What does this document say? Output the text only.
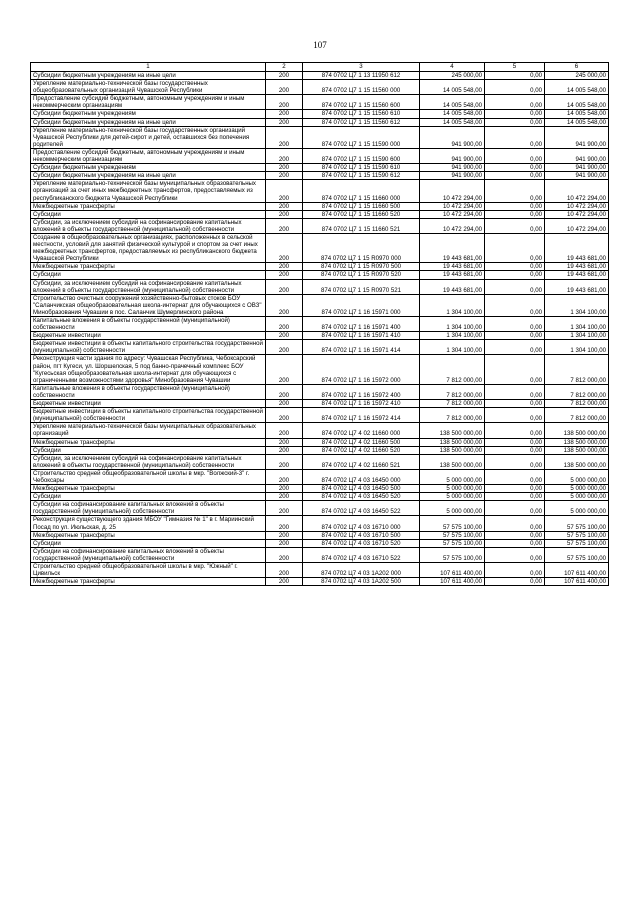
107
1	2	3	4	5	6
Субсидии бюджетным учреждениям на иные цели	200	874 0702 Ц7 1 13 11950 612	245 000,00	0,00	245 000,00
Укрепление материально-технической базы государственных общеобразовательных организаций Чувашской Республики	200	874 0702 Ц7 1 15 11560 000	14 005 548,00	0,00	14 005 548,00
Предоставление субсидий бюджетным, автономным учреждениям и иным некоммерческим организациям	200	874 0702 Ц7 1 15 11560 600	14 005 548,00	0,00	14 005 548,00
Субсидии бюджетным учреждениям	200	874 0702 Ц7 1 15 11560 610	14 005 548,00	0,00	14 005 548,00
Субсидии бюджетным учреждениям на иные цели	200	874 0702 Ц7 1 15 11560 612	14 005 548,00	0,00	14 005 548,00
Укрепление материально-технической базы государственных организаций Чувашской Республики для детей-сирот и детей, оставшихся без попечения родителей	200	874 0702 Ц7 1 15 11590 000	941 900,00	0,00	941 900,00
Предоставление субсидий бюджетным, автономным учреждениям и иным некоммерческим организациям	200	874 0702 Ц7 1 15 11590 600	941 900,00	0,00	941 900,00
Субсидии бюджетным учреждениям	200	874 0702 Ц7 1 15 11590 610	941 900,00	0,00	941 900,00
Субсидии бюджетным учреждениям на иные цели	200	874 0702 Ц7 1 15 11590 612	941 900,00	0,00	941 900,00
Укрепление материально-технической базы муниципальных образовательных организаций за счет иных межбюджетных трансфертов, предоставляемых из республиканского бюджета Чувашской Республики	200	874 0702 Ц7 1 15 11660 000	10 472 294,00	0,00	10 472 294,00
Межбюджетные трансферты	200	874 0702 Ц7 1 15 11660 500	10 472 294,00	0,00	10 472 294,00
Субсидии	200	874 0702 Ц7 1 15 11660 520	10 472 294,00	0,00	10 472 294,00
Субсидии, за исключением субсидий на софинансирование капитальных вложений в объекты государственной (муниципальной) собственности	200	874 0702 Ц7 1 15 11660 521	10 472 294,00	0,00	10 472 294,00
Создание в общеобразовательных организациях, расположенных в сельской местности, условий для занятий физической культурой и спортом за счет иных межбюджетных трансфертов, предоставляемых из республиканского бюджета Чувашской Республики	200	874 0702 Ц7 1 15 R0970 000	19 443 681,00	0,00	19 443 681,00
Межбюджетные трансферты	200	874 0702 Ц7 1 15 R0970 500	19 443 681,00	0,00	19 443 681,00
Субсидии	200	874 0702 Ц7 1 15 R0970 520	19 443 681,00	0,00	19 443 681,00
Субсидии, за исключением субсидий на софинансирование капитальных вложений в объекты государственной (муниципальной) собственности	200	874 0702 Ц7 1 15 R0970 521	19 443 681,00	0,00	19 443 681,00
Строительство очистных сооружений хозяйственно-бытовых стоков БОУ "Саланчикская общеобразовательная школа-интернат для обучающихся с ОВЗ" Минобразования Чувашии в пос. Саланчик Шумерлинского района	200	874 0702 Ц7 1 16 15971 000	1 304 100,00	0,00	1 304 100,00
Капитальные вложения в объекты государственной (муниципальной) собственности	200	874 0702 Ц7 1 16 15971 400	1 304 100,00	0,00	1 304 100,00
Бюджетные инвестиции	200	874 0702 Ц7 1 16 15971 410	1 304 100,00	0,00	1 304 100,00
Бюджетные инвестиции в объекты капитального строительства государственной (муниципальной) собственности	200	874 0702 Ц7 1 16 15971 414	1 304 100,00	0,00	1 304 100,00
Реконструкция части здания по адресу: Чувашская Республика, Чебоксарский район, пгт Кугеси, ул. Шоршелская, 5 под банно-прачечный комплекс БОУ "Кугесьская общеобразовательная школа-интернат для обучающихся с ограниченными возможностями здоровья" Минобразования Чувашии	200	874 0702 Ц7 1 16 15972 000	7 812 000,00	0,00	7 812 000,00
Капитальные вложения в объекты государственной (муниципальной) собственности	200	874 0702 Ц7 1 16 15972 400	7 812 000,00	0,00	7 812 000,00
Бюджетные инвестиции	200	874 0702 Ц7 1 16 15972 410	7 812 000,00	0,00	7 812 000,00
Бюджетные инвестиции в объекты капитального строительства государственной (муниципальной) собственности	200	874 0702 Ц7 1 16 15972 414	7 812 000,00	0,00	7 812 000,00
Укрепление материально-технической базы муниципальных образовательных организаций	200	874 0702 Ц7 4 02 11660 000	138 500 000,00	0,00	138 500 000,00
Межбюджетные трансферты	200	874 0702 Ц7 4 02 11660 500	138 500 000,00	0,00	138 500 000,00
Субсидии	200	874 0702 Ц7 4 02 11660 520	138 500 000,00	0,00	138 500 000,00
Субсидии, за исключением субсидий на софинансирование капитальных вложений в объекты государственной (муниципальной) собственности	200	874 0702 Ц7 4 02 11660 521	138 500 000,00	0,00	138 500 000,00
Строительство средней общеобразовательной школы в мкр. "Волжский-3" г. Чебоксары	200	874 0702 Ц7 4 03 16450 000	5 000 000,00	0,00	5 000 000,00
Межбюджетные трансферты	200	874 0702 Ц7 4 03 16450 500	5 000 000,00	0,00	5 000 000,00
Субсидии	200	874 0702 Ц7 4 03 16450 520	5 000 000,00	0,00	5 000 000,00
Субсидии на софинансирование капитальных вложений в объекты государственной (муниципальной) собственности	200	874 0702 Ц7 4 03 16450 522	5 000 000,00	0,00	5 000 000,00
Реконструкция существующего здания МБОУ "Гимназия № 1" в г. Мариинский Посад по ул. Июльская, д. 25	200	874 0702 Ц7 4 03 16710 000	57 575 100,00	0,00	57 575 100,00
Межбюджетные трансферты	200	874 0702 Ц7 4 03 16710 500	57 575 100,00	0,00	57 575 100,00
Субсидии	200	874 0702 Ц7 4 03 16710 520	57 575 100,00	0,00	57 575 100,00
Субсидии на софинансирование капитальных вложений в объекты государственной (муниципальной) собственности	200	874 0702 Ц7 4 03 16710 522	57 575 100,00	0,00	57 575 100,00
Строительство средней общеобразовательной школы в мкр. "Южный" г. Цивильск	200	874 0702 Ц7 4 03 1А202 000	107 611 400,00	0,00	107 611 400,00
Межбюджетные трансферты	200	874 0702 Ц7 4 03 1А202 500	107 611 400,00	0,00	107 611 400,00
